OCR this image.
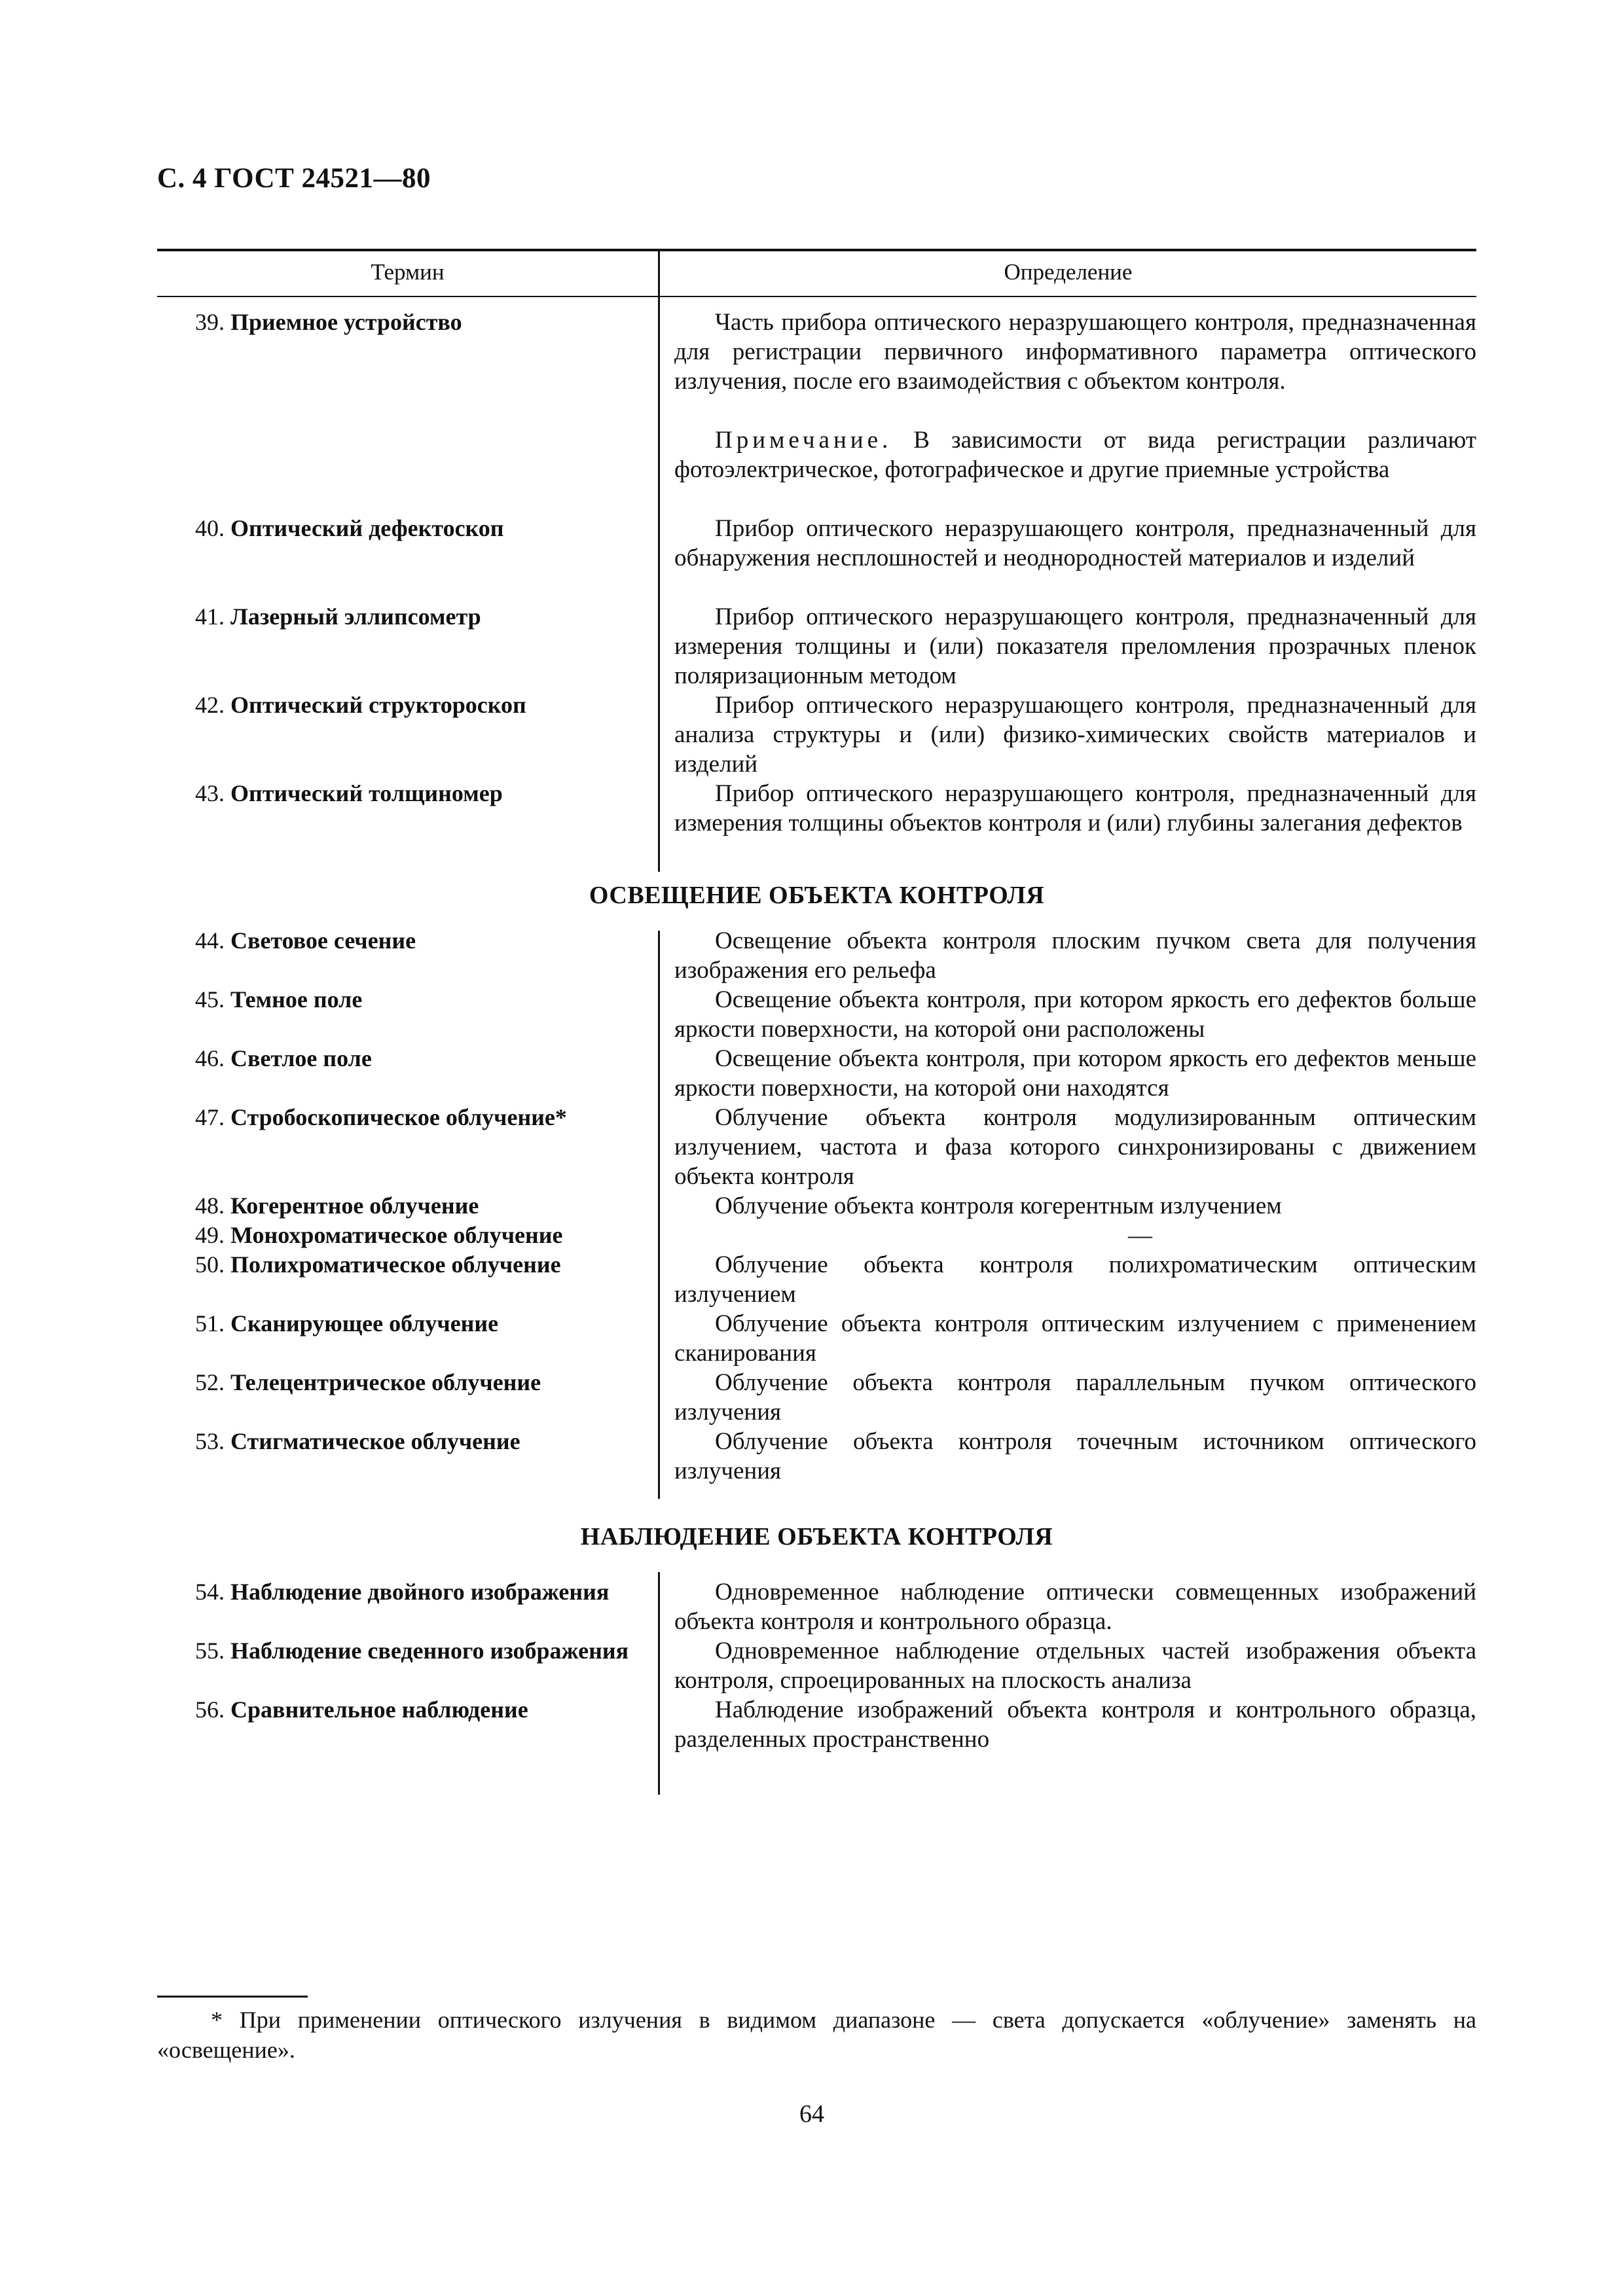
С. 4 ГОСТ 24521—80
Термин	Определение
39. Приемное устройство	Часть прибора оптического неразрушающего контроля, предназначенная для регистрации первичного информативного параметра оптического излучения, после его взаимодействия с объектом контроля.
Примечание. В зависимости от вида регистрации различают фотоэлектрическое, фотографическое и другие приемные устройства
40. Оптический дефектоскоп	Прибор оптического неразрушающего контроля, предназначенный для обнаружения несплошностей и неоднородностей материалов и изделий
41. Лазерный эллипсометр	Прибор оптического неразрушающего контроля, предназначенный для измерения толщины и (или) показателя преломления прозрачных пленок поляризационным методом
42. Оптический структороскоп	Прибор оптического неразрушающего контроля, предназначенный для анализа структуры и (или) физико-химических свойств материалов и изделий
43. Оптический толщиномер	Прибор оптического неразрушающего контроля, предназначенный для измерения толщины объектов контроля и (или) глубины залегания дефектов
ОСВЕЩЕНИЕ ОБЪЕКТА КОНТРОЛЯ
44. Световое сечение	Освещение объекта контроля плоским пучком света для получения изображения его рельефа
45. Темное поле	Освещение объекта контроля, при котором яркость его дефектов больше яркости поверхности, на которой они расположены
46. Светлое поле	Освещение объекта контроля, при котором яркость его дефектов меньше яркости поверхности, на которой они находятся
47. Стробоскопическое облучение*	Облучение объекта контроля модулизированным оптическим излучением, частота и фаза которого синхронизированы с движением объекта контроля
48. Когерентное облучение	Облучение объекта контроля когерентным излучением
49. Монохроматическое облучение	—
50. Полихроматическое облучение	Облучение объекта контроля полихроматическим оптическим излучением
51. Сканирующее облучение	Облучение объекта контроля оптическим излучением с применением сканирования
52. Телецентрическое облучение	Облучение объекта контроля параллельным пучком оптического излучения
53. Стигматическое облучение	Облучение объекта контроля точечным источником оптического излучения
НАБЛЮДЕНИЕ ОБЪЕКТА КОНТРОЛЯ
54. Наблюдение двойного изображения	Одновременное наблюдение оптически совмещенных изображений объекта контроля и контрольного образца.
55. Наблюдение сведенного изображения	Одновременное наблюдение отдельных частей изображения объекта контроля, спроецированных на плоскость анализа
56. Сравнительное наблюдение	Наблюдение изображений объекта контроля и контрольного образца, разделенных пространственно
* При применении оптического излучения в видимом диапазоне — света допускается «облучение» заменять на «освещение».
64
